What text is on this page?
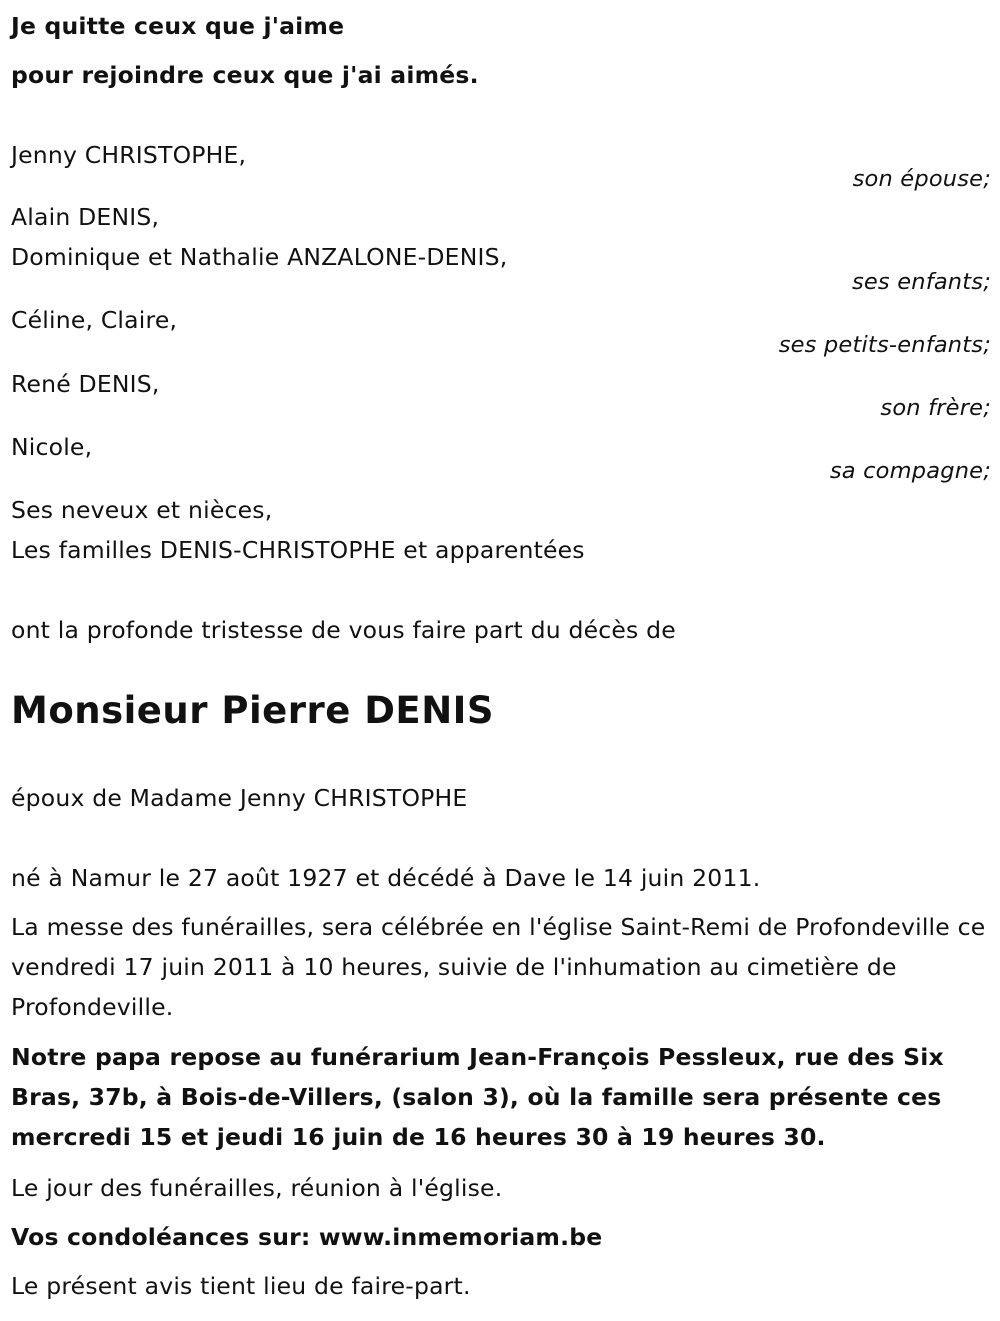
Je quitte ceux que j'aime
pour rejoindre ceux que j'ai aimés.
Jenny CHRISTOPHE,
son épouse;
Alain DENIS,
Dominique et Nathalie ANZALONE-DENIS,
ses enfants;
Céline, Claire,
ses petits-enfants;
René DENIS,
son frère;
Nicole,
sa compagne;
Ses neveux et nièces,
Les familles DENIS-CHRISTOPHE et apparentées
ont la profonde tristesse de vous faire part du décès de
Monsieur Pierre DENIS
époux de Madame Jenny CHRISTOPHE
né à Namur le 27 août 1927 et décédé à Dave le 14 juin 2011.
La messe des funérailles, sera célébrée en l'église Saint-Remi de Profondeville ce vendredi 17 juin 2011 à 10 heures, suivie de l'inhumation au cimetière de Profondeville.
Notre papa repose au funérarium Jean-François Pessleux, rue des Six Bras, 37b, à Bois-de-Villers, (salon 3), où la famille sera présente ces mercredi 15 et jeudi 16 juin de 16 heures 30 à 19 heures 30.
Le jour des funérailles, réunion à l'église.
Vos condoléances sur: www.inmemoriam.be
Le présent avis tient lieu de faire-part.
